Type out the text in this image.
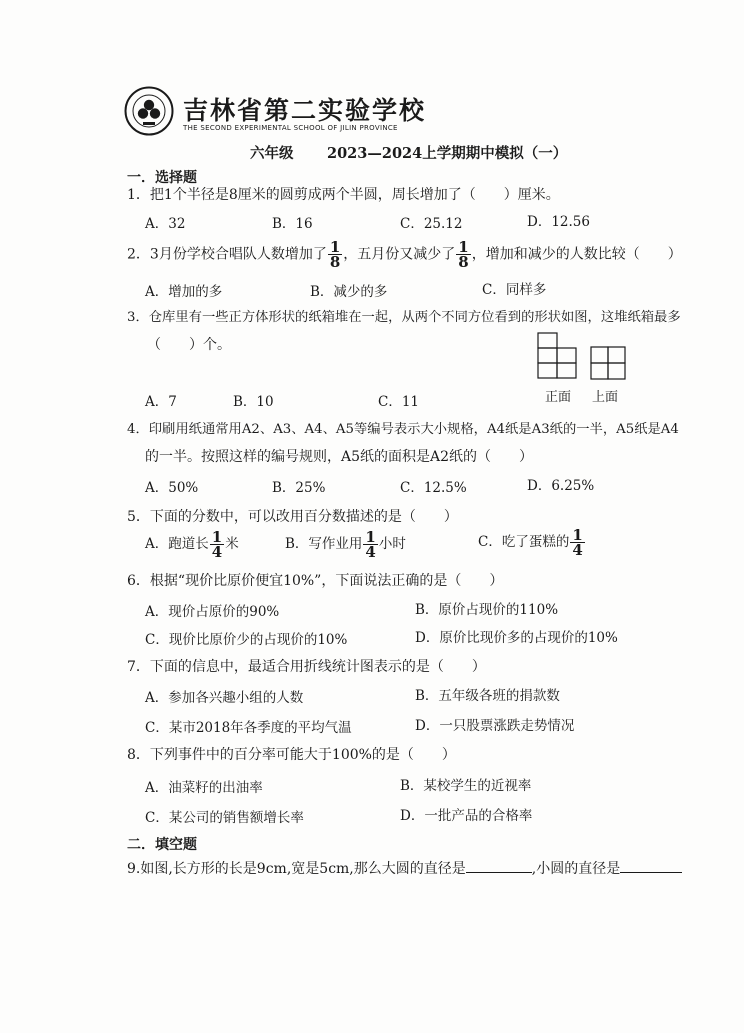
吉林省第二实验学校
THE SECOND EXPERIMENTAL SCHOOL OF JILIN PROVINCE
六年级 2023—2024上学期期中模拟（一）
一．选择题
1．把1个半径是8厘米的圆剪成两个半圆，周长增加了（　　）厘米。
A．32	B．16	C．25.12	D．12.56
2．3月份学校合唱队人数增加了 $\frac{1}{8}$ ，五月份又减少了 $\frac{1}{8}$ ，增加和减少的人数比较（　　）
A．增加的多	B．减少的多	C．同样多
3．仓库里有一些正方体形状的纸箱堆在一起，从两个不同方位看到的形状如图，这堆纸箱最多
（　　）个。
正面 上面
A．7	B．10	C．11
4．印刷用纸通常用A2、A3、A4、A5等编号表示大小规格，A4纸是A3纸的一半，A5纸是A4
的一半。按照这样的编号规则，A5纸的面积是A2纸的（　　）
A．50%	B．25%	C．12.5%	D．6.25%
5．下面的分数中，可以改用百分数描述的是（　　）
A．跑道长 $\frac{1}{4}$ 米	B．写作业用 $\frac{1}{4}$ 小时	C．吃了蛋糕的 $\frac{1}{4}$
6．根据“现价比原价便宜10%”，下面说法正确的是（　　）
A．现价占原价的90%	B．原价占现价的110%
C．现价比原价少的占现价的10%	D．原价比现价多的占现价的10%
7．下面的信息中，最适合用折线统计图表示的是（　　）
A．参加各兴趣小组的人数	B．五年级各班的捐款数
C．某市2018年各季度的平均气温	D．一只股票涨跌走势情况
8．下列事件中的百分率可能大于100%的是（　　）
A．油菜籽的出油率	B．某校学生的近视率
C．某公司的销售额增长率	D．一批产品的合格率
二．填空题
9.如图,长方形的长是9cm,宽是5cm,那么大圆的直径是	,小圆的直径是
